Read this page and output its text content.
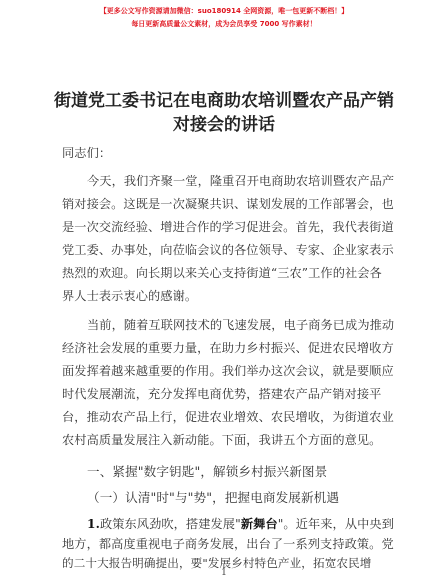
【更多公文写作资源请加微信：suo180914 全网资源，唯一包更新不断档！】
每日更新高质量公文素材，成为会员享受 7000 写作素材！
街道党工委书记在电商助农培训暨农产品产销
对接会的讲话
同志们：
今天，我们齐聚一堂，隆重召开电商助农培训暨农产品产
销对接会。这既是一次凝聚共识、谋划发展的工作部署会，也
是一次交流经验、增进合作的学习促进会。首先，我代表街道
党工委、办事处，向莅临会议的各位领导、专家、企业家表示
热烈的欢迎。向长期以来关心支持街道“三农”工作的社会各
界人士表示衷心的感谢。
当前，随着互联网技术的飞速发展，电子商务已成为推动
经济社会发展的重要力量，在助力乡村振兴、促进农民增收方
面发挥着越来越重要的作用。我们举办这次会议，就是要顺应
时代发展潮流，充分发挥电商优势，搭建农产品产销对接平
台，推动农产品上行，促进农业增效、农民增收，为街道农业
农村高质量发展注入新动能。下面，我讲五个方面的意见。
一、紧握"数字钥匙"，解锁乡村振兴新图景
（一）认清"时"与"势"，把握电商发展新机遇
1.政策东风劲吹，搭建发展"新舞台"。近年来，从中央到
地方，都高度重视电子商务发展，出台了一系列支持政策。党
的二十大报告明确提出，要"发展乡村特色产业，拓宽农民增
1
